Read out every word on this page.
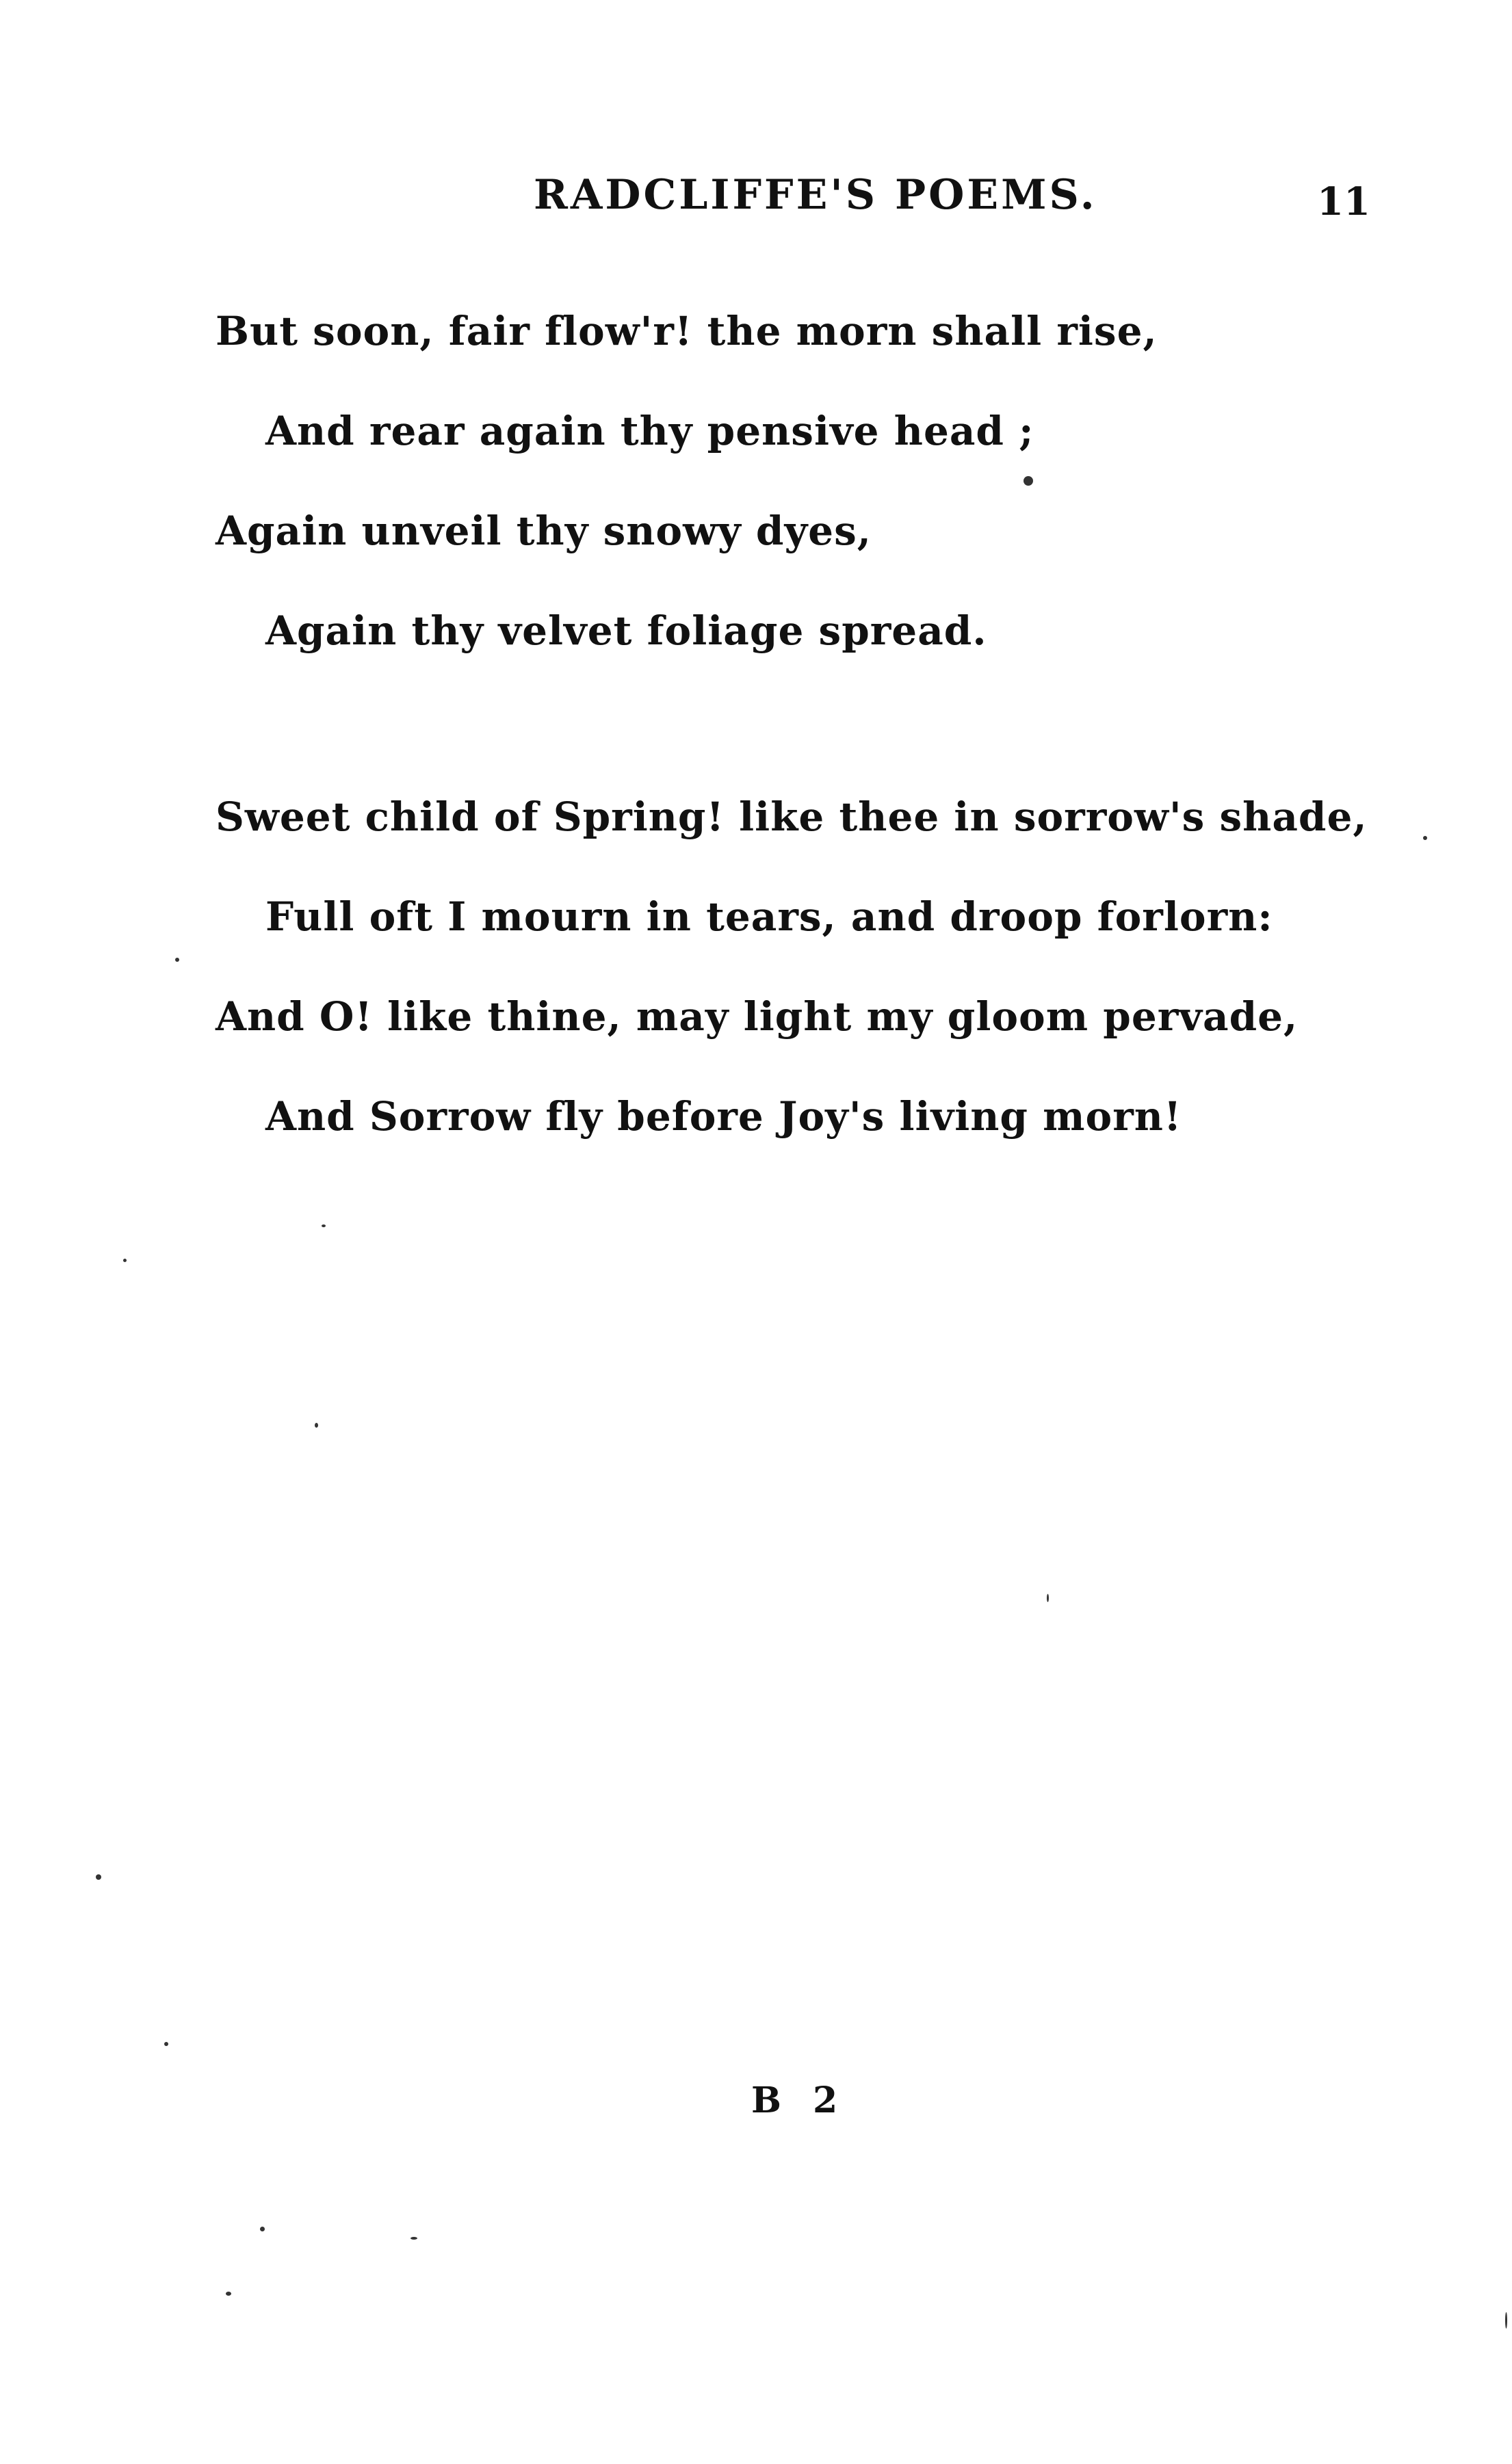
RADCLIFFE'S POEMS.	11
But soon, fair flow'r! the morn shall rise,
And rear again thy pensive head ;
Again unveil thy snowy dyes,
Again thy velvet foliage spread.
Sweet child of Spring! like thee in sorrow's shade,
Full oft I mourn in tears, and droop forlorn:
And O! like thine, may light my gloom pervade,
And Sorrow fly before Joy's living morn!
B 2
